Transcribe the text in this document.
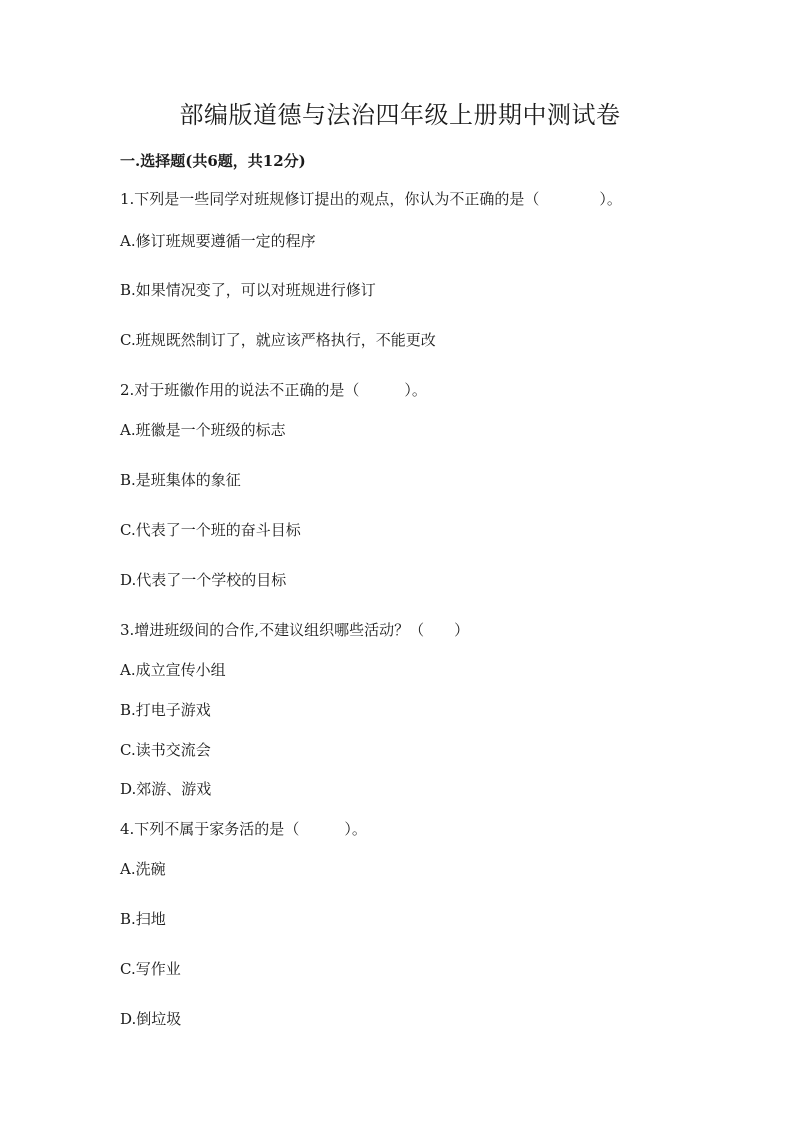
部编版道德与法治四年级上册期中测试卷
一.选择题(共6题，共12分)
1.下列是一些同学对班规修订提出的观点，你认为不正确的是（　　　　）。
A.修订班规要遵循一定的程序
B.如果情况变了，可以对班规进行修订
C.班规既然制订了，就应该严格执行，不能更改
2.对于班徽作用的说法不正确的是（　　　）。
A.班徽是一个班级的标志
B.是班集体的象征
C.代表了一个班的奋斗目标
D.代表了一个学校的目标
3.增进班级间的合作,不建议组织哪些活动？（　　）
A.成立宣传小组
B.打电子游戏
C.读书交流会
D.郊游、游戏
4.下列不属于家务活的是（　　　）。
A.洗碗
B.扫地
C.写作业
D.倒垃圾
